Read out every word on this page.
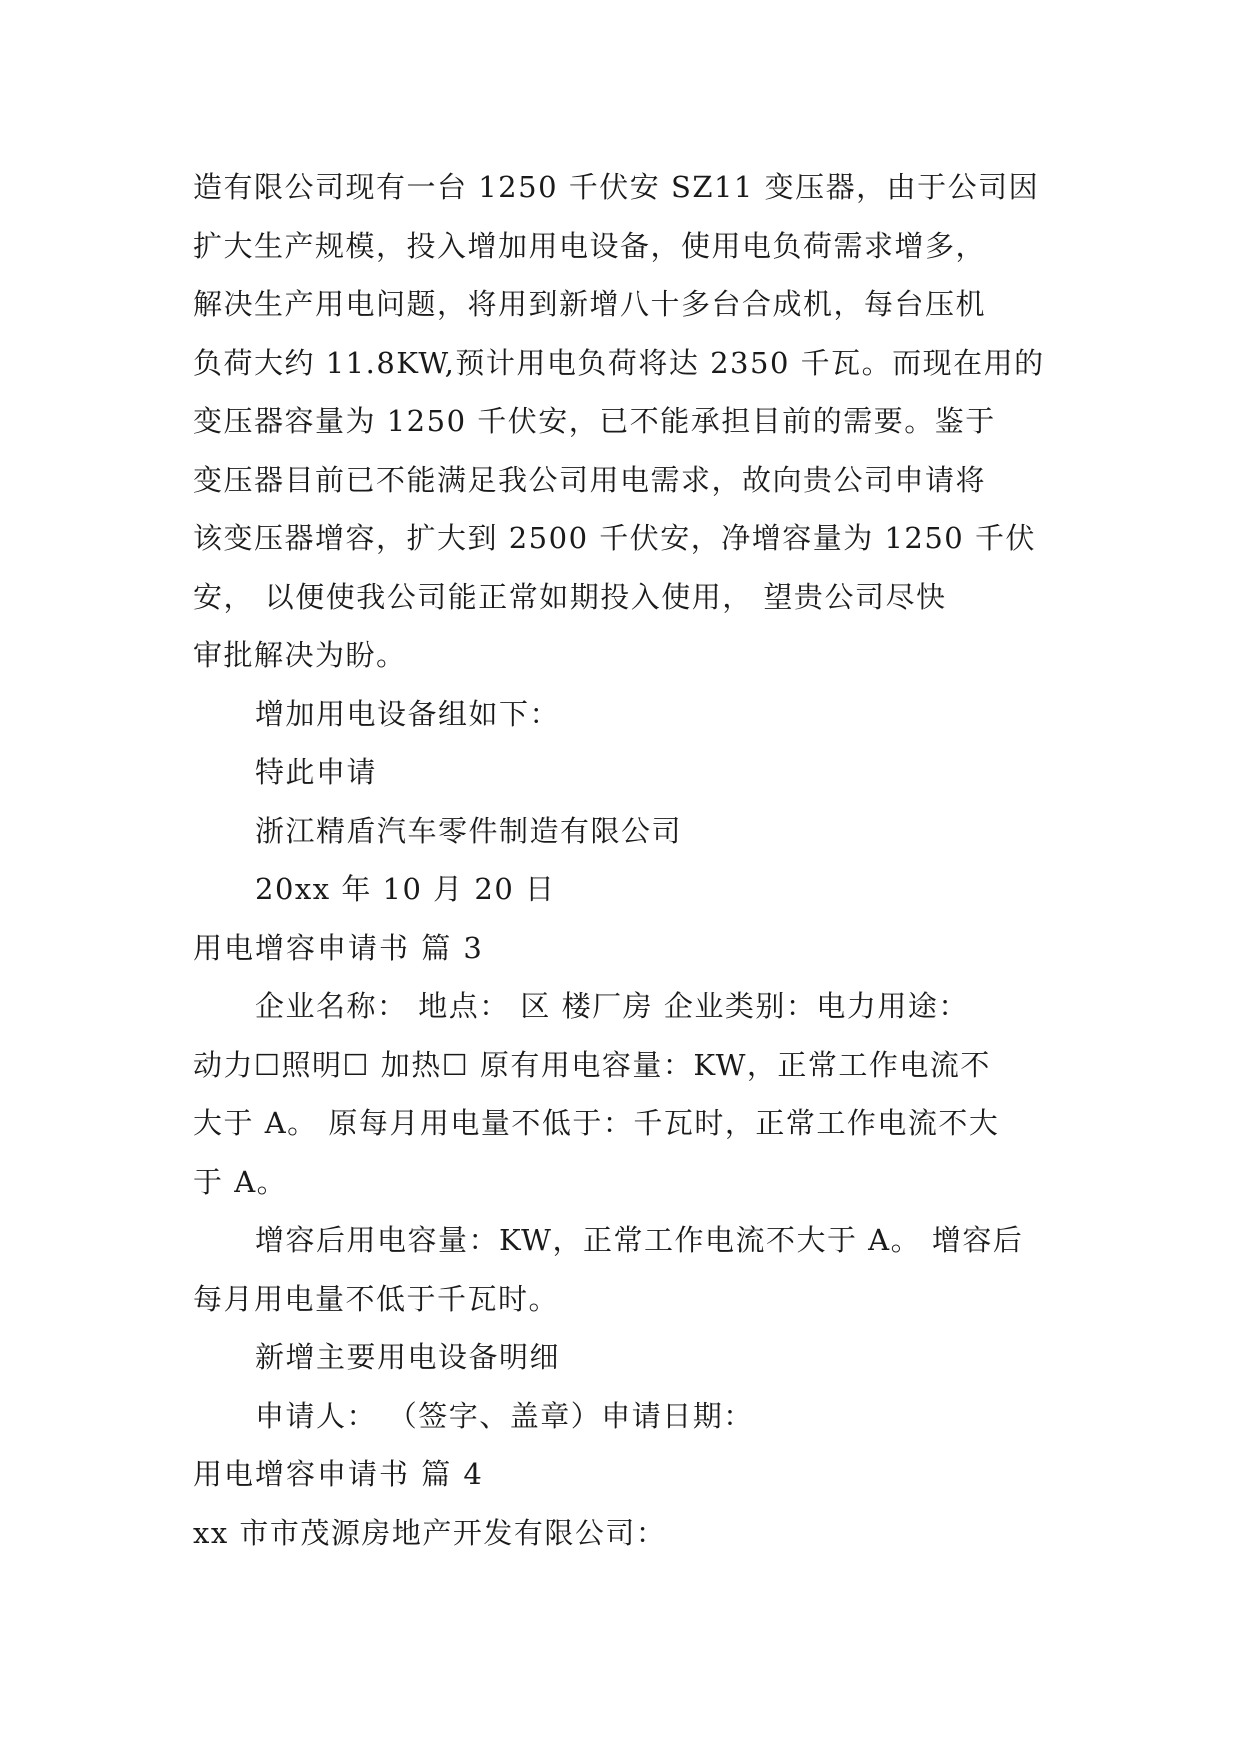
造有限公司现有一台 1250 千伏安 SZ11 变压器，由于公司因
扩大生产规模，投入增加用电设备，使用电负荷需求增多，
解决生产用电问题，将用到新增八十多台合成机，每台压机
负荷大约 11.8KW,预计用电负荷将达 2350 千瓦。而现在用的
变压器容量为 1250 千伏安，已不能承担目前的需要。鉴于
变压器目前已不能满足我公司用电需求，故向贵公司申请将
该变压器增容，扩大到 2500 千伏安，净增容量为 1250 千伏
安， 以便使我公司能正常如期投入使用， 望贵公司尽快
审批解决为盼。
增加用电设备组如下：
特此申请
浙江精盾汽车零件制造有限公司
20xx 年 10 月 20 日
用电增容申请书 篇 3
企业名称： 地点： 区 楼厂房 企业类别：电力用途：
动力☐照明☐ 加热☐ 原有用电容量：KW，正常工作电流不
大于 A。 原每月用电量不低于：千瓦时，正常工作电流不大
于 A。
增容后用电容量：KW，正常工作电流不大于 A。 增容后
每月用电量不低于千瓦时。
新增主要用电设备明细
申请人： （签字、盖章）申请日期：
用电增容申请书 篇 4
xx 市市茂源房地产开发有限公司：
